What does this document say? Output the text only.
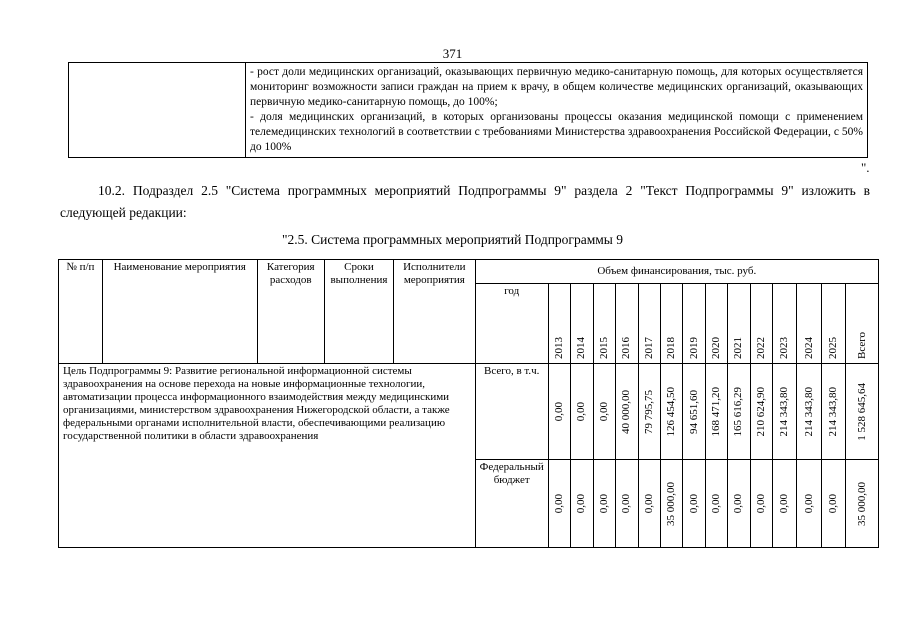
371

- рост доли медицинских организаций, оказывающих первичную медико-санитарную помощь, для которых осуществляется мониторинг возможности записи граждан на прием к врачу, в общем количестве медицинских организаций, оказывающих первичную медико-санитарную помощь, до 100%;
- доля медицинских организаций, в которых организованы процессы оказания медицинской помощи с применением телемедицинских технологий в соответствии с требованиями Министерства здравоохранения Российской Федерации, с 50% до 100%
".
10.2. Подраздел 2.5 "Система программных мероприятий Подпрограммы 9" раздела 2 "Текст Подпрограммы 9" изложить в следующей редакции:
"2.5. Система программных мероприятий Подпрограммы 9
№ п/п	Наименование мероприятия	Категория расходов	Сроки выполнения	Исполнители мероприятия	Объем финансирования, тыс. руб.														
					год	2013	2014	2015	2016	2017	2018	2019	2020	2021	2022	2023	2024	2025	Всего

Цель Подпрограммы 9: Развитие региональной информационной системы здравоохранения на основе перехода на новые информационные технологии, автоматизации процесса информационного взаимодействия между медицинскими организациями, министерством здравоохранения Нижегородской области, а также федеральными органами исполнительной власти, обеспечивающими реализацию государственной политики в области здравоохранения					Всего, в т.ч.	0,00	0,00	0,00	40 000,00	79 795,75	126 454,50	94 651,60	168 471,20	165 616,29	210 624,90	214 343,80	214 343,80	214 343,80	1 528 645,64

					Федеральный бюджет	0,00	0,00	0,00	0,00	0,00	35 000,00	0,00	0,00	0,00	0,00	0,00	0,00	0,00	35 000,00
